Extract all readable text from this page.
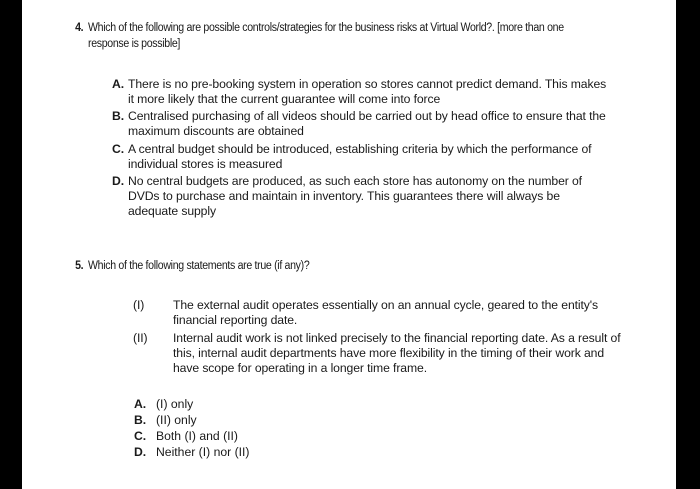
4. Which of the following are possible controls/strategies for the business risks at Virtual World?. [more than one response is possible]
A. There is no pre-booking system in operation so stores cannot predict demand. This makes it more likely that the current guarantee will come into force
B. Centralised purchasing of all videos should be carried out by head office to ensure that the maximum discounts are obtained
C. A central budget should be introduced, establishing criteria by which the performance of individual stores is measured
D. No central budgets are produced, as such each store has autonomy on the number of DVDs to purchase and maintain in inventory. This guarantees there will always be adequate supply
5. Which of the following statements are true (if any)?
(I) The external audit operates essentially on an annual cycle, geared to the entity's financial reporting date.
(II) Internal audit work is not linked precisely to the financial reporting date. As a result of this, internal audit departments have more flexibility in the timing of their work and have scope for operating in a longer time frame.
A. (I) only
B. (II) only
C. Both (I) and (II)
D. Neither (I) nor (II)
